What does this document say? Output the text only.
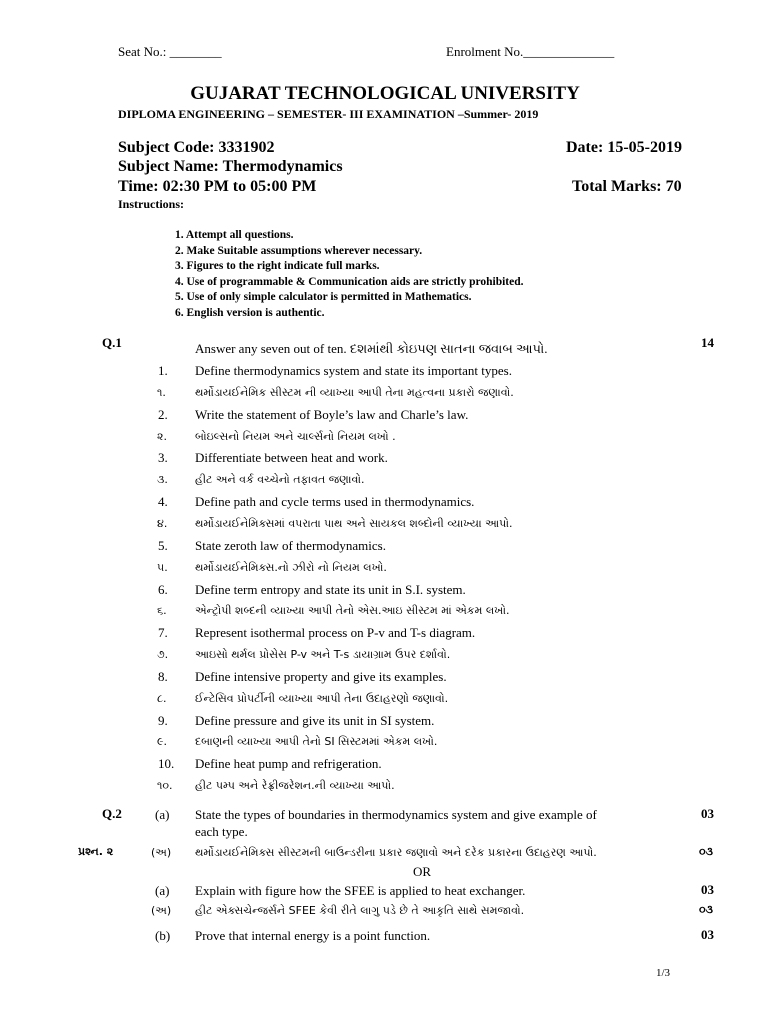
Seat No.: ________	Enrolment No.______________
GUJARAT TECHNOLOGICAL UNIVERSITY
DIPLOMA ENGINEERING – SEMESTER- III EXAMINATION –Summer- 2019
Subject Code: 3331902	Date: 15-05-2019
Subject Name: Thermodynamics
Time: 02:30 PM to 05:00 PM	Total Marks: 70
Instructions:
1. Attempt all questions.
2. Make Suitable assumptions wherever necessary.
3. Figures to the right indicate full marks.
4. Use of programmable & Communication aids are strictly prohibited.
5. Use of only simple calculator is permitted in Mathematics.
6. English version is authentic.
Q.1	14
Answer any seven out of ten. દશમાંથી કોઇપણ સાતના જવાબ આપો.
1. Define thermodynamics system and state its important types.
૧.	થર્મોડાયઈનેમિક સીસ્ટમ ની વ્યાખ્યા આપી તેના મહત્વના પ્રકારો જણાવો.
2. Write the statement of Boyle’s law and Charle’s law.
૨.	બોઇલ્સનો નિયમ અને ચાર્લ્સનો નિયમ લખો .
3. Differentiate between heat and work.
૩. હીટ અને વર્ક વચ્ચેનો તફાવત જણાવો.
4. Define path and cycle terms used in thermodynamics.
૪.	થર્મોડાયઈનેમિક્સમાં વપરાતા પાથ અને સાયકલ શબ્દોની વ્યાખ્યા આપો.
5. State zeroth law of thermodynamics.
૫. થર્મોડાયઈનેમિક્સ.નો ઝીરો નો નિયમ લખો.
6. Define term entropy and state its unit in S.I. system.
૬.	એન્ટ્રોપી શબ્દની વ્યાખ્યા આપી તેનો એસ.આઇ સીસ્ટમ માં એકમ લખો.
7. Represent isothermal process on P-v and T-s diagram.
૭. આઇસો થર્મલ પ્રોસેસ P-v અને T-s ડાયાગ્રામ ઉપર દર્શાવો.
8. Define intensive property and give its examples.
૮.	ઈન્ટેસિવ પ્રોપર્ટીની વ્યાખ્યા આપી તેના ઉદાહરણો જણાવો.
9. Define pressure and give its unit in SI system.
૯.	દબાણની વ્યાખ્યા આપી તેનો SI સિસ્ટમમાં એકમ લખો.
10. Define heat pump and refrigeration.
૧૦. હીટ પમ્પ અને રેફ્રીજરેશન.ની વ્યાખ્યા આપો.
Q.2	(a) State the types of boundaries in thermodynamics system and give example of	03
each type.
પ્રશ્ન. ૨	(અ) થર્મોડાયઈનેમિક્સ સીસ્ટમની બાઉન્ડરીના પ્રકાર જણાવો અને દરેક પ્રકારના ઉદાહરણ આપો.	૦૩
OR
(a) Explain with figure how the SFEE is applied to heat exchanger.	03
(અ) હીટ એક્સચેન્જર્સને SFEE કેવી રીતે લાગુ પડે છે તે આકૃતિ સાથે સમજાવો.	૦૩
(b) Prove that internal energy is a point function.	03
1/3
